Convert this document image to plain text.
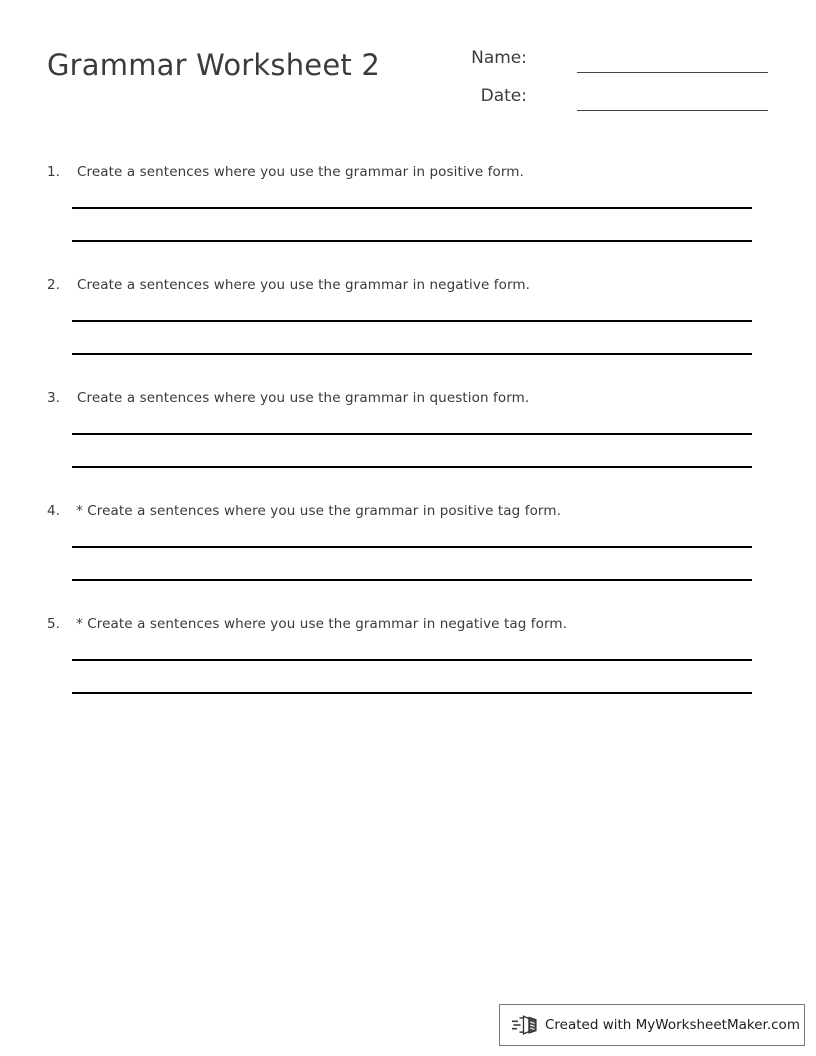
Grammar Worksheet 2	Name:
Date:
1. Create a sentences where you use the grammar in positive form.
2. Create a sentences where you use the grammar in negative form.
3. Create a sentences where you use the grammar in question form.
4. * Create a sentences where you use the grammar in positive tag form.
5. * Create a sentences where you use the grammar in negative tag form.
Created with MyWorksheetMaker.com
